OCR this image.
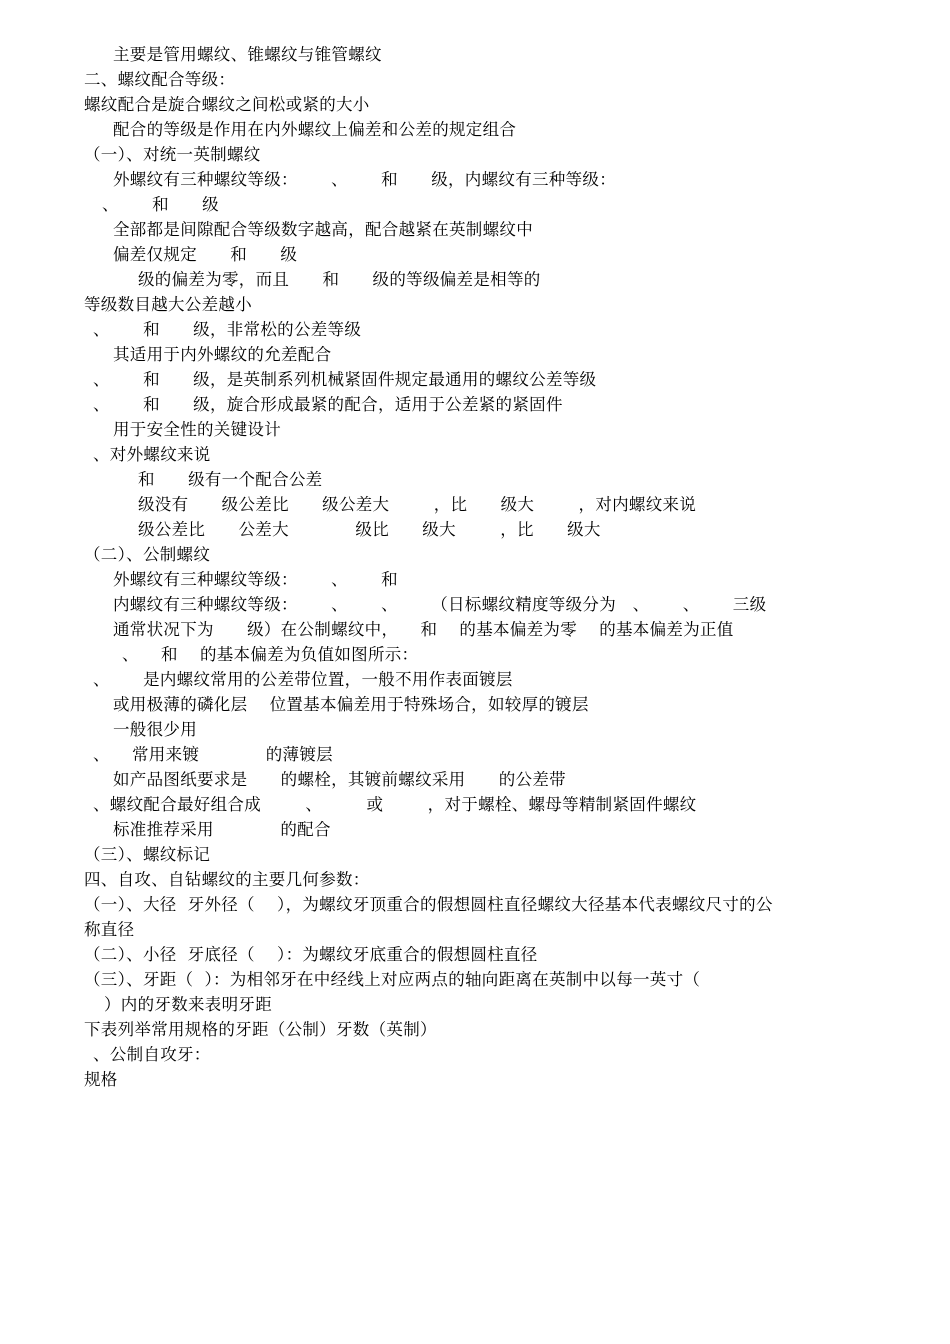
主要是管用螺纹、锥螺纹与锥管螺纹
二、螺纹配合等级：
螺纹配合是旋合螺纹之间松或紧的大小
配合的等级是作用在内外螺纹上偏差和公差的规定组合
（一）、对统一英制螺纹
外螺纹有三种螺纹等级：      、      和      级，内螺纹有三种等级：
、      和      级
全部都是间隙配合等级数字越高，配合越紧在英制螺纹中
偏差仅规定      和      级
级的偏差为零，而且      和      级的等级偏差是相等的
等级数目越大公差越小
、      和      级，非常松的公差等级
其适用于内外螺纹的允差配合
、      和      级，是英制系列机械紧固件规定最通用的螺纹公差等级
、      和      级，旋合形成最紧的配合，适用于公差紧的紧固件
用于安全性的关键设计
、对外螺纹来说
和      级有一个配合公差
级没有      级公差比      级公差大        ，比      级大        ，对内螺纹来说
级公差比      公差大            级比      级大        ，比      级大
（二）、公制螺纹
外螺纹有三种螺纹等级：      、      和
内螺纹有三种螺纹等级：      、      、      （日标螺纹精度等级分为   、      、      三级
通常状况下为      级）在公制螺纹中，    和    的基本偏差为零    的基本偏差为正值
、    和    的基本偏差为负值如图所示：
、      是内螺纹常用的公差带位置，一般不用作表面镀层
或用极薄的磷化层    位置基本偏差用于特殊场合，如较厚的镀层
一般很少用
、    常用来镀            的薄镀层
如产品图纸要求是      的螺栓，其镀前螺纹采用      的公差带
、螺纹配合最好组合成        、        或        ，对于螺栓、螺母等精制紧固件螺纹
标准推荐采用            的配合
（三）、螺纹标记
四、自攻、自钻螺纹的主要几何参数：
（一）、大径  牙外径（    ），为螺纹牙顶重合的假想圆柱直径螺纹大径基本代表螺纹尺寸的公
称直径
（二）、小径  牙底径（    ）：为螺纹牙底重合的假想圆柱直径
（三）、牙距（  ）：为相邻牙在中经线上对应两点的轴向距离在英制中以每一英寸（
）内的牙数来表明牙距
下表列举常用规格的牙距（公制）牙数（英制）
、公制自攻牙：
规格
